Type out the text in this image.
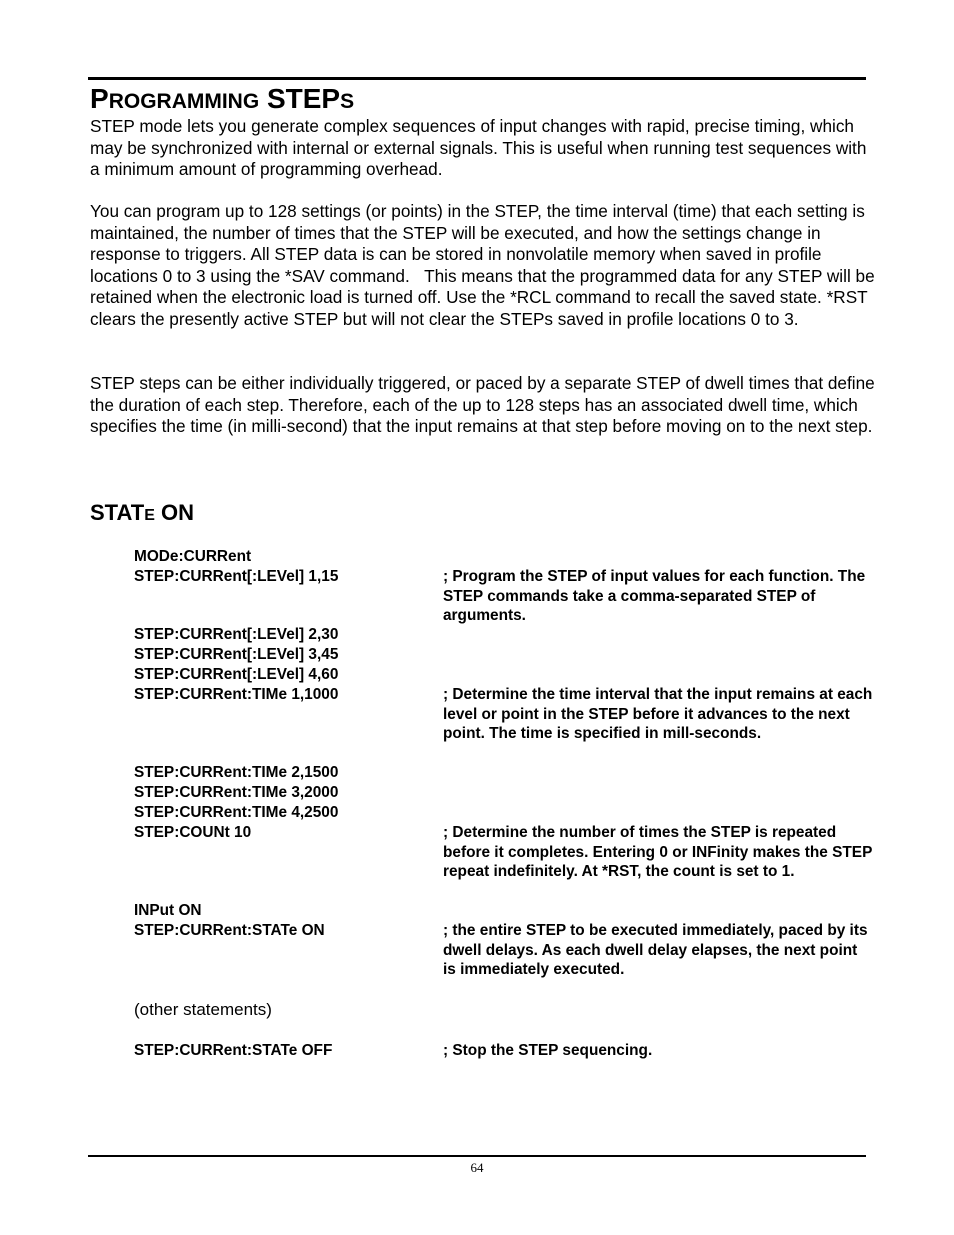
PROGRAMMING STEPS

STEP mode lets you generate complex sequences of input changes with rapid, precise timing, which may be synchronized with internal or external signals. This is useful when running test sequences with a minimum amount of programming overhead.

You can program up to 128 settings (or points) in the STEP, the time interval (time) that each setting is maintained, the number of times that the STEP will be executed, and how the settings change in response to triggers. All STEP data is can be stored in nonvolatile memory when saved in profile locations 0 to 3 using the *SAV command.   This means that the programmed data for any STEP will be retained when the electronic load is turned off. Use the *RCL command to recall the saved state. *RST clears the presently active STEP but will not clear the STEPs saved in profile locations 0 to 3.

STEP steps can be either individually triggered, or paced by a separate STEP of dwell times that define the duration of each step. Therefore, each of the up to 128 steps has an associated dwell time, which specifies the time (in milli-second) that the input remains at that step before moving on to the next step.

STATE ON
MODe:CURRent
STEP:CURRent[:LEVel] 1,15
STEP:CURRent[:LEVel] 2,30
STEP:CURRent[:LEVel] 3,45
STEP:CURRent[:LEVel] 4,60
STEP:CURRent:TIMe 1,1000
STEP:CURRent:TIMe 2,1500
STEP:CURRent:TIMe 3,2000
STEP:CURRent:TIMe 4,2500
STEP:COUNt 10
INPut ON
STEP:CURRent:STATe ON
(other statements)
STEP:CURRent:STATe OFF
; Program the STEP of input values for each function. The STEP commands take a comma-separated STEP of arguments.
; Determine the time interval that the input remains at each level or point in the STEP before it advances to the next point. The time is specified in mill-seconds.
; Determine the number of times the STEP is repeated before it completes. Entering 0 or INFinity makes the STEP repeat indefinitely. At *RST, the count is set to 1.
; the entire STEP to be executed immediately, paced by its dwell delays. As each dwell delay elapses, the next point is immediately executed.
; Stop the STEP sequencing.
64
